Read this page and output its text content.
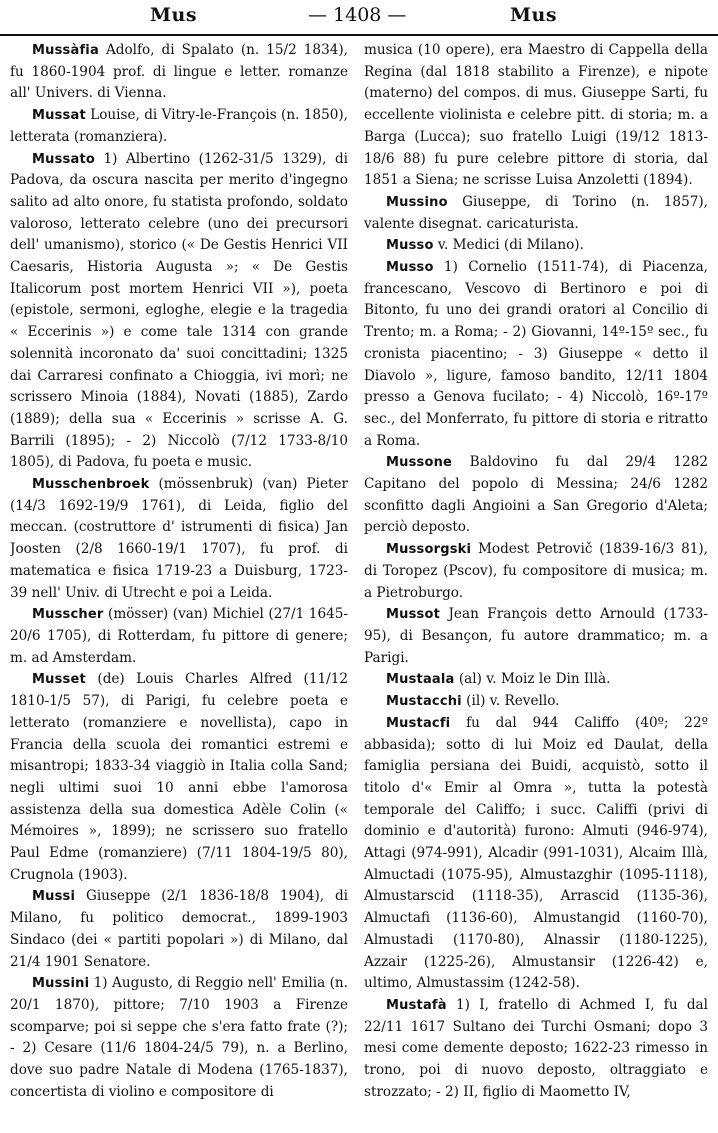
Mus	— 1408 —	Mus

Mussàfia Adolfo, di Spalato (n. 15/2 1834), fu 1860-1904 prof. di lingue e letter. romanze all' Univers. di Vienna.

Mussat Louise, di Vitry-le-François (n. 1850), letterata (romanziera).

Mussato 1) Albertino (1262-31/5 1329), di Padova, da oscura nascita per merito d'ingegno salito ad alto onore, fu statista profondo, soldato valoroso, letterato celebre (uno dei precursori dell' umanismo), storico (« De Gestis Henrici VII Caesaris, Historia Augusta »; « De Gestis Italicorum post mortem Henrici VII »), poeta (epistole, sermoni, egloghe, elegie e la tragedia « Eccerinis ») e come tale 1314 con grande solennità incoronato da' suoi concittadini; 1325 dai Carraresi confinato a Chioggia, ivi morì; ne scrissero Minoia (1884), Novati (1885), Zardo (1889); della sua « Eccerinis » scrisse A. G. Barrili (1895); - 2) Niccolò (7/12 1733-8/10 1805), di Padova, fu poeta e music.

Musschenbroek (mössenbruk) (van) Pieter (14/3 1692-19/9 1761), di Leida, figlio del meccan. (costruttore d' istrumenti di fisica) Jan Joosten (2/8 1660-19/1 1707), fu prof. di matematica e fisica 1719-23 a Duisburg, 1723-39 nell' Univ. di Utrecht e poi a Leida.

Musscher (mösser) (van) Michiel (27/1 1645-20/6 1705), di Rotterdam, fu pittore di genere; m. ad Amsterdam.

Musset (de) Louis Charles Alfred (11/12 1810-1/5 57), di Parigi, fu celebre poeta e letterato (romanziere e novellista), capo in Francia della scuola dei romantici estremi e misantropi; 1833-34 viaggiò in Italia colla Sand; negli ultimi suoi 10 anni ebbe l'amorosa assistenza della sua domestica Adèle Colin (« Mémoires », 1899); ne scrissero suo fratello Paul Edme (romanziere) (7/11 1804-19/5 80), Crugnola (1903).

Mussi Giuseppe (2/1 1836-18/8 1904), di Milano, fu politico democrat., 1899-1903 Sindaco (dei « partiti popolari ») di Milano, dal 21/4 1901 Senatore.

Mussini 1) Augusto, di Reggio nell' Emilia (n. 20/1 1870), pittore; 7/10 1903 a Firenze scomparve; poi si seppe che s'era fatto frate (?); - 2) Cesare (11/6 1804-24/5 79), n. a Berlino, dove suo padre Natale di Modena (1765-1837), concertista di violino e compositore di

musica (10 opere), era Maestro di Cappella della Regina (dal 1818 stabilito a Firenze), e nipote (materno) del compos. di mus. Giuseppe Sarti, fu eccellente violinista e celebre pitt. di storia; m. a Barga (Lucca); suo fratello Luigi (19/12 1813-18/6 88) fu pure celebre pittore di storia, dal 1851 a Siena; ne scrisse Luisa Anzoletti (1894).

Mussino Giuseppe, di Torino (n. 1857), valente disegnat. caricaturista.

Musso v. Medici (di Milano).

Musso 1) Cornelio (1511-74), di Piacenza, francescano, Vescovo di Bertinoro e poi di Bitonto, fu uno dei grandi oratori al Concilio di Trento; m. a Roma; - 2) Giovanni, 14º-15º sec., fu cronista piacentino; - 3) Giuseppe « detto il Diavolo », ligure, famoso bandito, 12/11 1804 presso a Genova fucilato; - 4) Niccolò, 16º-17º sec., del Monferrato, fu pittore di storia e ritratto a Roma.

Mussone Baldovino fu dal 29/4 1282 Capitano del popolo di Messina; 24/6 1282 sconfitto dagli Angioini a San Gregorio d'Aleta; perciò deposto.

Mussorgski Modest Petrovič (1839-16/3 81), di Toropez (Pscov), fu compositore di musica; m. a Pietroburgo.

Mussot Jean François detto Arnould (1733-95), di Besançon, fu autore drammatico; m. a Parigi.

Mustaala (al) v. Moiz le Din Illà.

Mustacchi (il) v. Revello.

Mustacfi fu dal 944 Califfo (40º; 22º abbasida); sotto di lui Moiz ed Daulat, della famiglia persiana dei Buidi, acquistò, sotto il titolo d'« Emir al Omra », tutta la potestà temporale del Califfo; i succ. Califfi (privi di dominio e d'autorità) furono: Almuti (946-974), Attagi (974-991), Alcadir (991-1031), Alcaim Illà, Almuctadi (1075-95), Almustazghir (1095-1118), Almustarscid (1118-35), Arrascid (1135-36), Almuctafi (1136-60), Almustangid (1160-70), Almustadi (1170-80), Alnassir (1180-1225), Azzair (1225-26), Almustansir (1226-42) e, ultimo, Almustassim (1242-58).

Mustafà 1) I, fratello di Achmed I, fu dal 22/11 1617 Sultano dei Turchi Osmani; dopo 3 mesi come demente deposto; 1622-23 rimesso in trono, poi di nuovo deposto, oltraggiato e strozzato; - 2) II, figlio di Maometto IV,
